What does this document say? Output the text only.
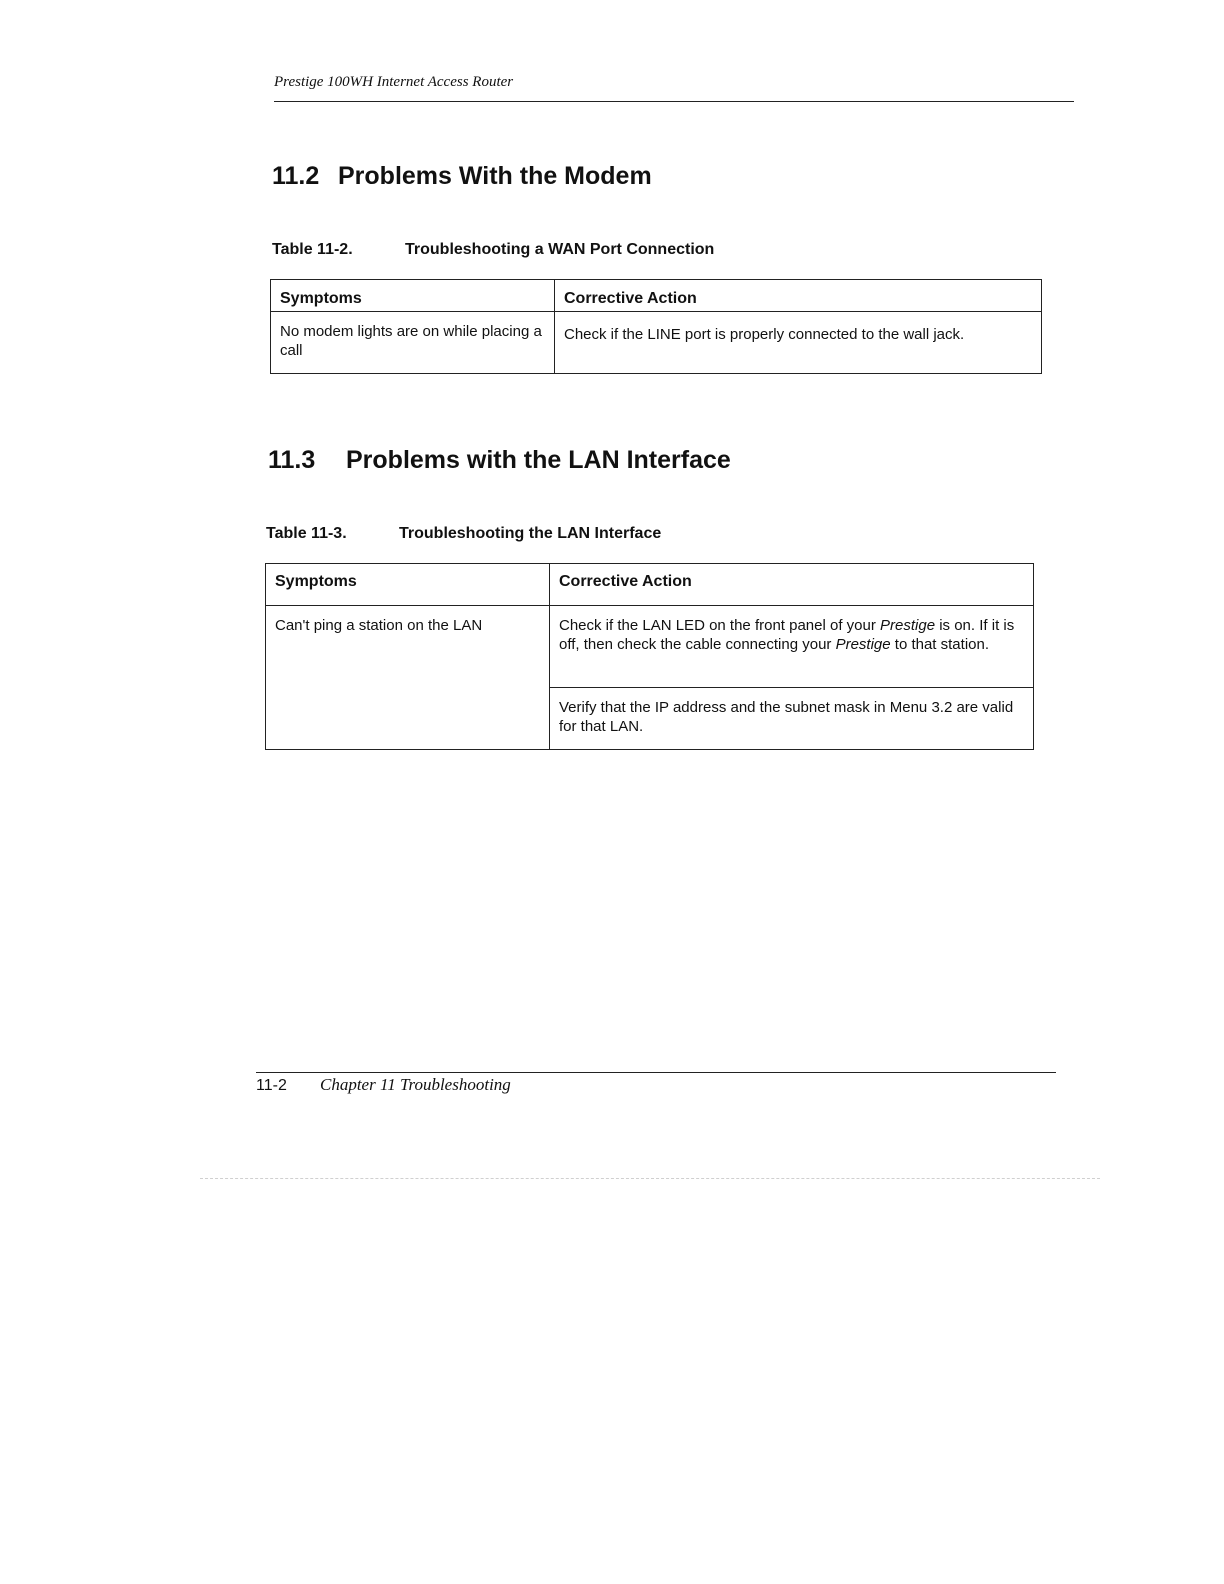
Prestige 100WH Internet Access Router
11.2 Problems With the Modem
Table 11-2.	Troubleshooting a WAN Port Connection
Symptoms	Corrective Action
No modem lights are on while placing a call	Check if the LINE port is properly connected to the wall jack.
11.3 Problems with the LAN Interface
Table 11-3.	Troubleshooting the LAN Interface
Symptoms	Corrective Action
Can't ping a station on the LAN	Check if the LAN LED on the front panel of your Prestige is on. If it is off, then check the cable connecting your Prestige to that station.
	Verify that the IP address and the subnet mask in Menu 3.2 are valid for that LAN.
11-2 Chapter 11 Troubleshooting
